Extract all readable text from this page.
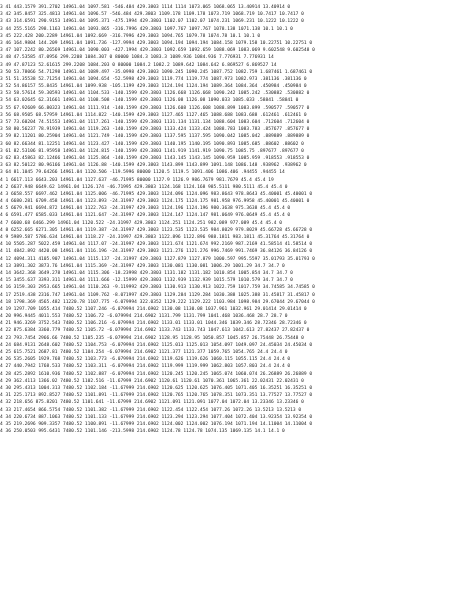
3 41 443.1579 391.2702 14961.04 1097.581 -546.484 429.3803 1114 1114 1073.065 1068.065 13.40914 13.40914 0
3 42 345.8457 325.4813 14961.04 1096.57 -546.484 429.3803 1109.178 1109.178 1073.719 1068.719 10.7417 10.7417 0
3 43 314.6591 290.9153 14961.04 1095.371 -475.1994 429.3803 1102.07 1102.07 1074.231 1069.231 10.1222 10.1222 0
3 44 255.5165 298.1163 14961.04 1093.865 -316.7996 429.3803 1097.767 1097.767 1078.138 1071.138 10.1 10.1 0
3 45 222.428 200.2289 14961.04 1092.669 -316.7996 429.3803 1094.765 1079.78 1074.78 10.1 10.1 0
3 46 164.9804 144.209 14961.04 1091.736 -127.9994 429.3803 1094.194 1094.194 1084.158 1079.158 10.22751 10.22751 0
3 47 107.2242 80.26569 14961.04 1090.003 -427.1994 429.3803 1092.659 1092.659 1088.069 1083.069 9.602548 9.602548 0
3 48 47.53585 47.0956 299.2208 1084.307 0 80000 1084.3 1083.3 1089.936 1084.936 7.776931 7.776931 14
3 49 47.87123 52.61615 299.2208 1084.203 0 80000 1084.2 1082.2 1089.642 1084.642 6.869527 6.869527 14
3 50 53.78066 54.71298 14961.04 1089.497 -35.0998 429.3803 1090.245 1090.245 1087.752 1082.759 1.687461 1.687461 0
3 51 51.35538 52.71254 14961.04 1094.654 -52.5998 429.3803 1119.774 1119.774 1087.973 1082.973 .381136 .381136 0
3 52 54.86157 55.8435 14961.04 1099.938 -105.1199 429.3803 1124.194 1124.194 1089.364 1084.364 .450984 .450984 0
3 53 58.57614 59.30593 14961.04 1104.533 -140.1599 429.3803 1126.668 1126.668 1090.242 1085.242 .530882 .530882 0
3 54 63.02645 62.31661 14961.04 1108.508 -140.1599 429.3803 1126.08 1126.08 1090.033 1085.033 .58841 .58841 0
3 55 67.92609 66.80323 14961.04 1111.914 -140.1599 429.3803 1126.608 1126.608 1088.899 1083.899 .590577 .590577 0
3 56 68.9505 68.57959 14961.04 1114.822 -140.1599 429.3803 1127.465 1127.465 1088.688 1083.688 .612461 .612461 0
3 57 73.60204 74.51553 14961.04 1117.261 -140.1599 429.3803 1131.134 1131.134 1088.604 1083.604 .712604 .712604 0
3 58 80.56237 78.91939 14961.04 1119.263 -140.1599 429.3803 1133.424 1133.424 1088.783 1083.783 .857677 .857677 0
3 59 82.11201 80.25904 14961.04 1121.749 -140.1599 429.3803 1137.595 1137.595 1090.042 1085.042 .889889 .889889 0
3 60 82.66344 81.12251 14961.04 1123.427 -140.1599 429.3803 1140.195 1140.195 1090.893 1085.685 .88602 .88602 0
3 61 82.53106 81.95958 14961.04 1124.815 -140.1599 429.3803 1141.919 1141.919 1090.75 1085.75 .897677 .897677 0
3 62 83.45863 82.12466 14961.04 1125.864 -140.1599 429.3803 1143.145 1143.145 1090.959 1085.959 .918553 .918553 0
3 63 82.50122 80.96166 14961.04 1126.88 -140.1599 429.3803 1143.899 1143.899 1091.148 1086.148 .938962 .938962 0
3 64 81.1045 79.64266 14961.04 1120.506 -119.5996 80000 1120.5 1119.5 1091.406 1086.406 .94455 .94455 14
4 1 6617.113 6643.203 14961.04 1127.637 -46.71995 80000 1127.9 1126.9 986.7679 981.7679 45.4 45.4 19
4 2 6637.948 6649.62 14961.04 1126.174 -46.71995 429.3803 1124.168 1124.168 985.5111 980.5111 45.4 45.4 0
4 3 6658.557 6697.462 14961.04 1125.006 -46.71995 429.3803 1124.096 1124.096 983.8643 978.8643 45.40001 45.40001 0
4 4 6680.281 6709.458 14961.04 1123.893 -24.31997 429.3803 1124.175 1124.175 981.958 976.9958 45.40001 45.40001 0
4 5 6679.941 6694.872 14961.04 1122.763 -24.31997 429.3803 1124.196 1124.196 980.3638 975.3638 45.4 45.4 0
4 6 6591.477 6585.033 14961.04 1121.647 -24.31997 429.3803 1124.147 1124.147 981.0649 976.0649 45.4 45.4 0
4 7 6600.68 6466.299 14961.04 1120.522 -24.31997 429.3803 1124.251 1124.251 982.089 977.089 45.4 45.4 0
4 8 6252.665 6271.305 14961.04 1119.387 -24.31997 429.3803 1123.535 1123.535 984.8029 979.8029 45.66728 45.66728 0
4 9 5989.587 5786.634 14961.04 1118.27 -24.31997 429.3803 1122.896 1122.896 988.1811 983.1811 45.31764 45.31764 0
4 10 5505.287 5022.459 14961.04 1117.07 -24.31997 429.3803 1121.674 1121.674 992.2169 987.2169 41.58514 41.58514 0
4 11 4842.892 4420.08 14961.04 1116.196 -24.31997 429.3803 1121.276 1121.276 996.7469 991.7469 36.84126 36.84126 0
4 12 4094.311 4105.907 14961.04 1115.137 -24.31997 429.3803 1127.879 1127.879 1000.597 995.5597 35.01793 35.01793 0
4 13 3891.302 3873.76 14961.04 1115.369 -24.31997 429.3803 1130.081 1130.081 1006.29 1001.29 34.7 34.7 0
4 14 3642.368 3649.278 14961.04 1115.306 -18.23998 429.3803 1131.182 1131.182 1010.854 1005.854 34.7 34.7 0
4 15 3455.637 3393.311 14961.04 1111.666 -12.15999 429.3803 1132.939 1132.939 1015.579 1010.579 34.7 34.7 0
4 16 3159.303 2953.665 14961.04 1110.263 -9.119992 429.3803 1130.913 1130.913 1022.759 1017.759 34.74585 34.74585 0
4 17 2519.438 2316.747 14961.04 1109.762 -8.071997 429.3803 1129.284 1129.284 1030.388 1025.388 31.45817 31.45817 0
4 18 1798.369 4565.482 11220.78 1107.775 -6.079994 322.0352 1129.222 1129.222 1103.984 1098.984 29.67044 29.67044 0
4 19 1297.709 1055.414 7480.52 1107.246 -6.079994 214.6902 1130.08 1130.08 1037.961 1032.961 29.01414 29.01414 0
4 20 996.9445 4011.553 7480.52 1106.72 -6.079994 214.6902 1131.799 1131.799 1041.468 1036.468 28.7 28.7 0
4 21 946.3269 3752.543 7480.52 1106.216 -6.079994 214.6902 1133.01 1133.01 1044.346 1039.346 28.72346 28.72346 0
4 22 875.6384 3360.779 7480.52 1105.72 -6.079994 214.6902 1133.743 1133.743 1047.613 1042.613 27.82437 27.82437 0
4 23 793.7454 2966.66 7480.52 1105.235 -6.079994 214.6902 1128.95 1128.95 1050.857 1045.857 26.75448 26.75448 0
4 24 684.9131 2648.602 7480.52 1104.753 -6.079994 214.6902 1125.013 1125.013 1054.097 1049.097 24.45034 24.45034 0
4 25 615.7521 2687.81 7480.52 1104.254 -6.079994 214.6902 1121.377 1121.377 1059.765 1054.765 24.4 24.4 0
4 26 535.2605 1929.768 7480.52 1103.773 -6.079994 214.6902 1119.626 1119.626 1060.115 1055.115 24.4 24.4 0
4 27 440.7942 1768.533 7480.52 1103.311 -6.079994 214.6902 1119.999 1119.999 1062.803 1057.803 24.4 24.4 0
4 28 425.2892 1610.936 7480.52 1102.887 -6.079994 214.6902 1120.245 1120.245 1065.074 1060.074 26.26889 26.26889 0
4 29 362.4113 1366.02 7480.52 1102.516 -11.67999 214.6902 1120.61 1120.61 1070.361 1065.361 22.02431 22.02431 0
4 30 295.4313 1004.313 7480.52 1102.184 -11.67999 214.6902 1120.625 1120.625 1076.405 1071.405 16.35251 16.35251 0
4 31 225.1713 892.8527 7480.52 1101.891 -11.67999 214.6902 1120.765 1120.765 1078.351 1073.351 13.77527 13.77527 0
4 32 218.656 875.8201 7480.52 1101.641 -11.67999 214.6902 1121.091 1121.091 1077.04 1072.04 13.23346 13.23346 0
4 33 217.4654 866.5754 7480.52 1101.382 -11.67999 214.6902 1122.454 1122.454 1077.26 1072.26 13.5213 13.5213 0
4 34 220.6734 887.1063 7480.52 1101.133 -11.67999 214.6902 1123.294 1123.294 1077.404 1072.404 13.92354 13.92354 0
4 35 219.2696 909.3357 7480.52 1100.891 -11.67999 214.6902 1124.002 1124.002 1076.194 1071.194 14.11004 14.11004 0
4 36 250.0503 995.6431 7480.52 1101.146 -213.5998 214.6902 1124.78 1124.78 1074.135 1069.135 14.1 14.1 0
